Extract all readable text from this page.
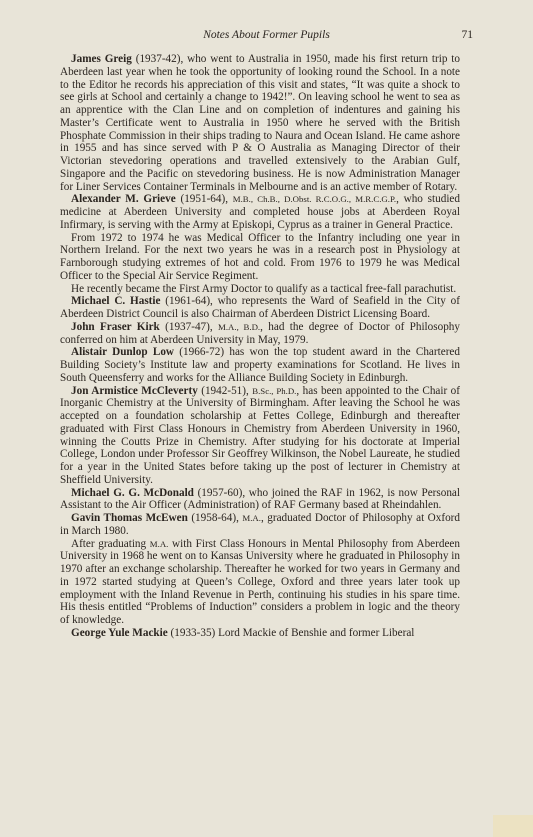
Notes About Former Pupils	71

James Greig (1937-42), who went to Australia in 1950, made his first return trip to Aberdeen last year when he took the opportunity of looking round the School. In a note to the Editor he records his appreciation of this visit and states, “It was quite a shock to see girls at School and certainly a change to 1942!”. On leaving school he went to sea as an apprentice with the Clan Line and on completion of indentures and gaining his Master’s Certificate went to Australia in 1950 where he served with the British Phosphate Commission in their ships trading to Naura and Ocean Island. He came ashore in 1955 and has since served with P & O Australia as Managing Director of their Victorian stevedoring operations and travelled extensively to the Arabian Gulf, Singapore and the Pacific on stevedoring business. He is now Administration Manager for Liner Services Container Terminals in Melbourne and is an active member of Rotary.

Alexander M. Grieve (1951-64), M.B., Ch.B., D.Obst. R.C.O.G., M.R.C.G.P., who studied medicine at Aberdeen University and completed house jobs at Aberdeen Royal Infirmary, is serving with the Army at Episkopi, Cyprus as a trainer in General Practice.

From 1972 to 1974 he was Medical Officer to the Infantry including one year in Northern Ireland. For the next two years he was in a research post in Physiology at Farnborough studying extremes of hot and cold. From 1976 to 1979 he was Medical Officer to the Special Air Service Regiment.

He recently became the First Army Doctor to qualify as a tactical free-fall parachutist.

Michael C. Hastie (1961-64), who represents the Ward of Seafield in the City of Aberdeen District Council is also Chairman of Aberdeen District Licensing Board.

John Fraser Kirk (1937-47), M.A., B.D., had the degree of Doctor of Philosophy conferred on him at Aberdeen University in May, 1979.

Alistair Dunlop Low (1966-72) has won the top student award in the Chartered Building Society’s Institute law and property examinations for Scotland. He lives in South Queensferry and works for the Alliance Building Society in Edinburgh.

Jon Armistice McCleverty (1942-51), B.Sc., Ph.D., has been appointed to the Chair of Inorganic Chemistry at the University of Birmingham. After leaving the School he was accepted on a foundation scholarship at Fettes College, Edinburgh and thereafter graduated with First Class Honours in Chemistry from Aberdeen University in 1960, winning the Coutts Prize in Chemistry. After studying for his doctorate at Imperial College, London under Professor Sir Geoffrey Wilkinson, the Nobel Laureate, he studied for a year in the United States before taking up the post of lecturer in Chemistry at Sheffield University.

Michael G. G. McDonald (1957-60), who joined the RAF in 1962, is now Personal Assistant to the Air Officer (Administration) of RAF Germany based at Rheindahlen.

Gavin Thomas McEwen (1958-64), M.A., graduated Doctor of Philosophy at Oxford in March 1980.

After graduating M.A. with First Class Honours in Mental Philosophy from Aberdeen University in 1968 he went on to Kansas University where he graduated in Philosophy in 1970 after an exchange scholarship. Thereafter he worked for two years in Germany and in 1972 started studying at Queen’s College, Oxford and three years later took up employment with the Inland Revenue in Perth, continuing his studies in his spare time. His thesis entitled “Problems of Induction” considers a problem in logic and the theory of knowledge.

George Yule Mackie (1933-35) Lord Mackie of Benshie and former Liberal
